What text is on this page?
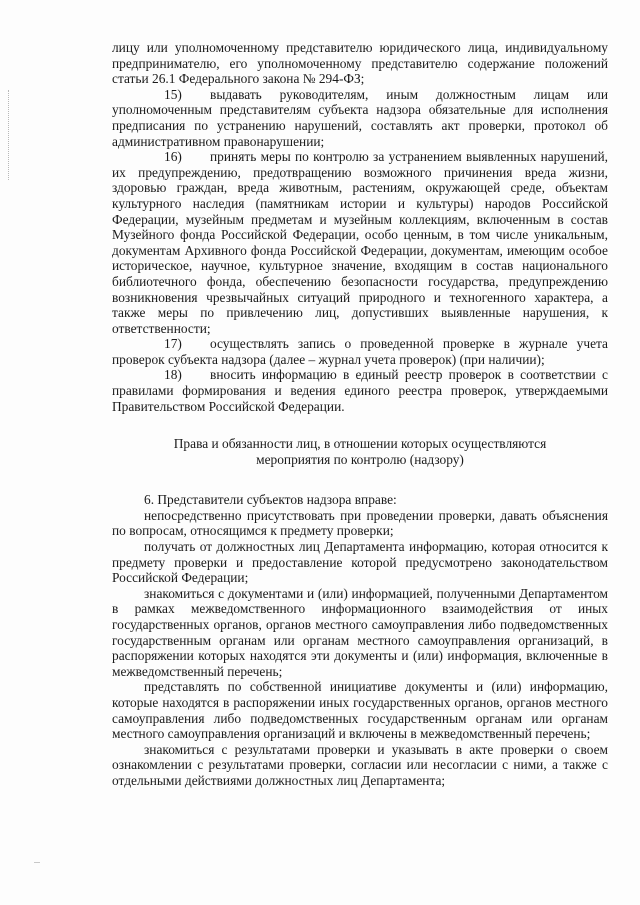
лицу или уполномоченному представителю юридического лица, индивидуальному предпринимателю, его уполномоченному представителю содержание положений статьи 26.1 Федерального закона № 294-ФЗ;

15) выдавать руководителям, иным должностным лицам или уполномоченным представителям субъекта надзора обязательные для исполнения предписания по устранению нарушений, составлять акт проверки, протокол об административном правонарушении;

16) принять меры по контролю за устранением выявленных нарушений, их предупреждению, предотвращению возможного причинения вреда жизни, здоровью граждан, вреда животным, растениям, окружающей среде, объектам культурного наследия (памятникам истории и культуры) народов Российской Федерации, музейным предметам и музейным коллекциям, включенным в состав Музейного фонда Российской Федерации, особо ценным, в том числе уникальным, документам Архивного фонда Российской Федерации, документам, имеющим особое историческое, научное, культурное значение, входящим в состав национального библиотечного фонда, обеспечению безопасности государства, предупреждению возникновения чрезвычайных ситуаций природного и техногенного характера, а также меры по привлечению лиц, допустивших выявленные нарушения, к ответственности;

17) осуществлять запись о проведенной проверке в журнале учета проверок субъекта надзора (далее – журнал учета проверок) (при наличии);

18) вносить информацию в единый реестр проверок в соответствии с правилами формирования и ведения единого реестра проверок, утверждаемыми Правительством Российской Федерации.

Права и обязанности лиц, в отношении которых осуществляются
мероприятия по контролю (надзору)

6. Представители субъектов надзора вправе:

непосредственно присутствовать при проведении проверки, давать объяснения по вопросам, относящимся к предмету проверки;

получать от должностных лиц Департамента информацию, которая относится к предмету проверки и предоставление которой предусмотрено законодательством Российской Федерации;

знакомиться с документами и (или) информацией, полученными Департаментом в рамках межведомственного информационного взаимодействия от иных государственных органов, органов местного самоуправления либо подведомственных государственным органам или органам местного самоуправления организаций, в распоряжении которых находятся эти документы и (или) информация, включенные в межведомственный перечень;

представлять по собственной инициативе документы и (или) информацию, которые находятся в распоряжении иных государственных органов, органов местного самоуправления либо подведомственных государственным органам или органам местного самоуправления организаций и включены в межведомственный перечень;

знакомиться с результатами проверки и указывать в акте проверки о своем ознакомлении с результатами проверки, согласии или несогласии с ними, а также с отдельными действиями должностных лиц Департамента;
